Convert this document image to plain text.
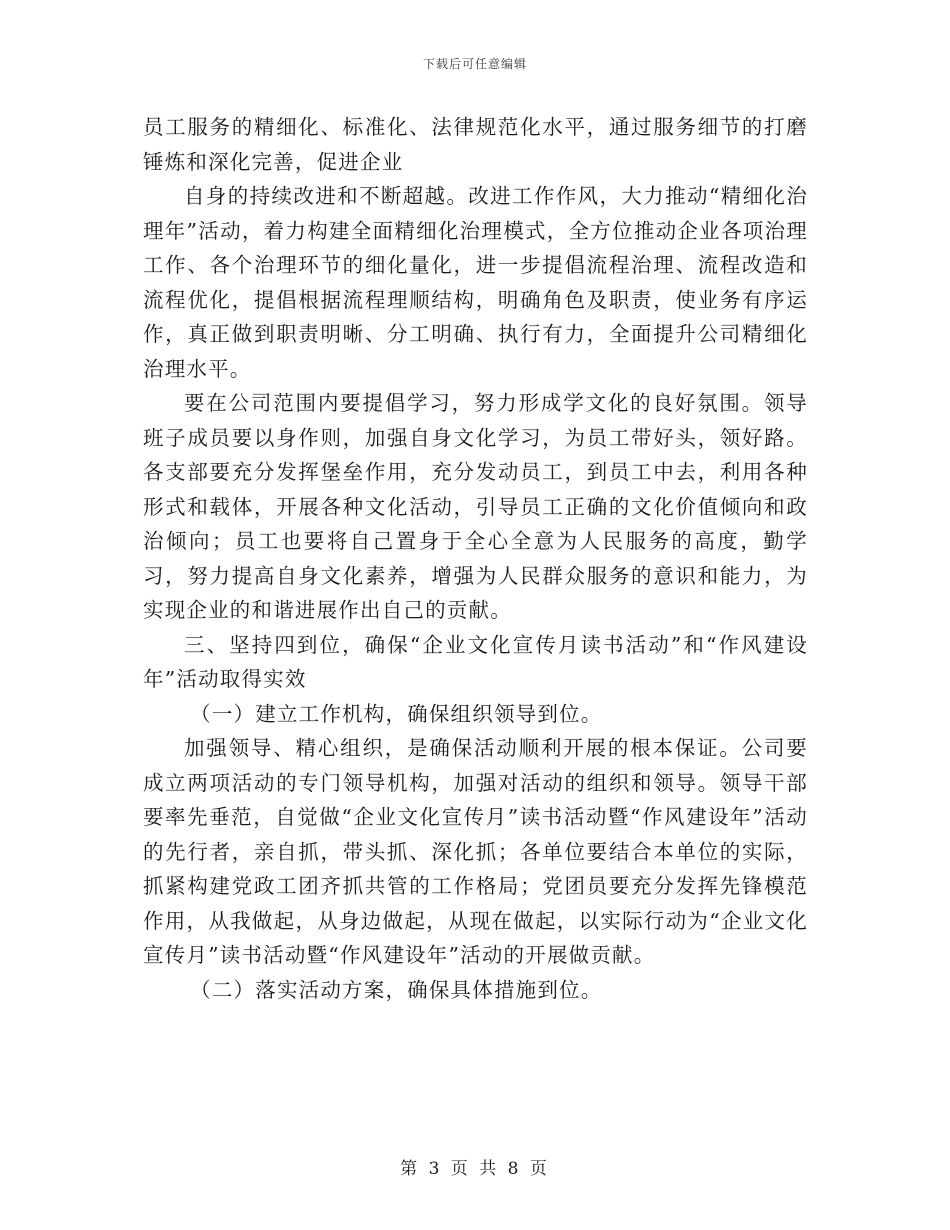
下载后可任意编辑

员工服务的精细化、标准化、法律规范化水平，通过服务细节的打磨锤炼和深化完善，促进企业

自身的持续改进和不断超越。改进工作作风，大力推动“精细化治理年”活动，着力构建全面精细化治理模式，全方位推动企业各项治理工作、各个治理环节的细化量化，进一步提倡流程治理、流程改造和流程优化，提倡根据流程理顺结构，明确角色及职责，使业务有序运作，真正做到职责明晰、分工明确、执行有力，全面提升公司精细化治理水平。

要在公司范围内要提倡学习，努力形成学文化的良好氛围。领导班子成员要以身作则，加强自身文化学习，为员工带好头，领好路。各支部要充分发挥堡垒作用，充分发动员工，到员工中去，利用各种形式和载体，开展各种文化活动，引导员工正确的文化价值倾向和政治倾向；员工也要将自己置身于全心全意为人民服务的高度，勤学习，努力提高自身文化素养，增强为人民群众服务的意识和能力，为实现企业的和谐进展作出自己的贡献。

三、坚持四到位，确保“企业文化宣传月读书活动”和“作风建设年”活动取得实效

（一）建立工作机构，确保组织领导到位。

加强领导、精心组织，是确保活动顺利开展的根本保证。公司要成立两项活动的专门领导机构，加强对活动的组织和领导。领导干部要率先垂范，自觉做“企业文化宣传月”读书活动暨“作风建设年”活动的先行者，亲自抓，带头抓、深化抓；各单位要结合本单位的实际，抓紧构建党政工团齐抓共管的工作格局；党团员要充分发挥先锋模范作用，从我做起，从身边做起，从现在做起，以实际行动为“企业文化宣传月”读书活动暨“作风建设年”活动的开展做贡献。

（二）落实活动方案，确保具体措施到位。

第 3 页 共 8 页
